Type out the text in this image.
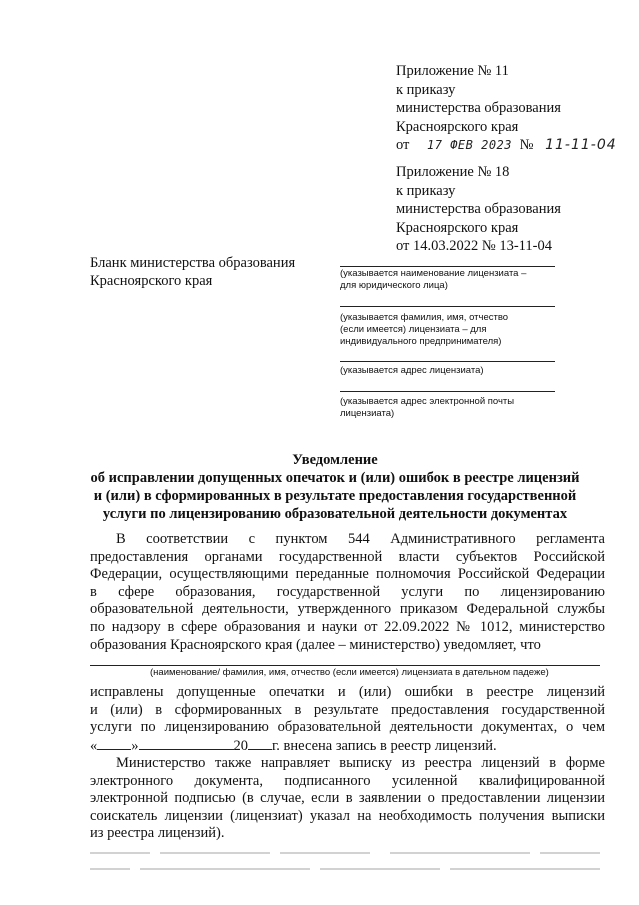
Приложение № 11
к приказу
министерства образования
Красноярского края
от 17 ФЕВ 2023 № 11-11-04
Приложение № 18
к приказу
министерства образования
Красноярского края
от 14.03.2022 № 13-11-04
Бланк министерства образования
Красноярского края	(указывается наименование лицензиата –
для юридического лица)
(указывается фамилия, имя, отчество
(если имеется) лицензиата – для
индивидуального предпринимателя)
(указывается адрес лицензиата)
(указывается адрес электронной почты
лицензиата)
Уведомление
об исправлении допущенных опечаток и (или) ошибок в реестре лицензий
и (или) в сформированных в результате предоставления государственной
услуги по лицензированию образовательной деятельности документах
В соответствии с пунктом 544 Административного регламента
предоставления органами государственной власти субъектов Российской
Федерации, осуществляющими переданные полномочия Российской Федерации
в сфере образования, государственной услуги по лицензированию
образовательной деятельности, утвержденного приказом Федеральной службы
по надзору в сфере образования и науки от 22.09.2022 № 1012, министерство
образования Красноярского края (далее – министерство) уведомляет, что
(наименование/ фамилия, имя, отчество (если имеется) лицензиата в дательном падеже)
исправлены допущенные опечатки и (или) ошибки в реестре лицензий
и (или) в сформированных в результате предоставления государственной
услуги по лицензированию образовательной деятельности документах, о чем
« »	20 г. внесена запись в реестр лицензий.
Министерство также направляет выписку из реестра лицензий в форме
электронного документа, подписанного усиленной квалифицированной
электронной подписью (в случае, если в заявлении о предоставлении лицензии
соискатель лицензии (лицензиат) указал на необходимость получения выписки
из реестра лицензий).
